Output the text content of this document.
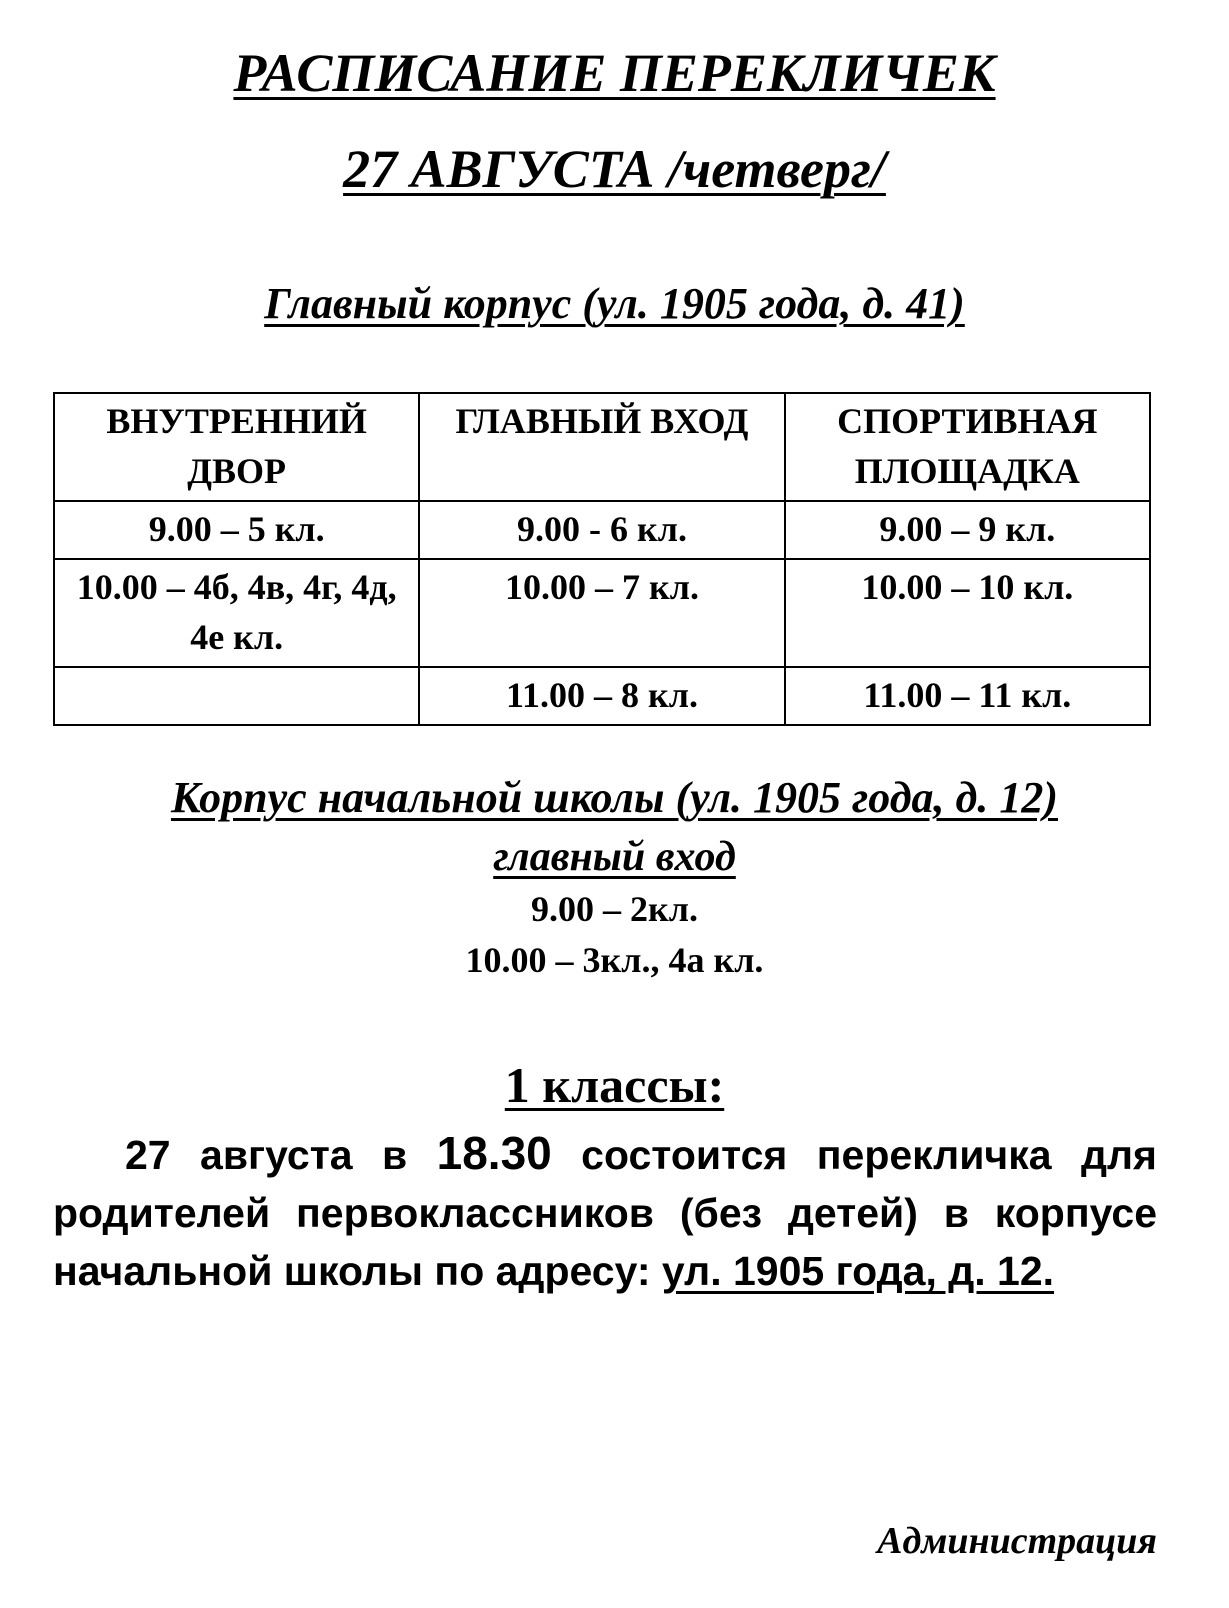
РАСПИСАНИЕ ПЕРЕКЛИЧЕК
27 АВГУСТА /четверг/
Главный корпус (ул. 1905 года, д. 41)
ВНУТРЕННИЙ ДВОР	ГЛАВНЫЙ ВХОД	СПОРТИВНАЯ ПЛОЩАДКА
9.00 – 5 кл.	9.00 - 6 кл.	9.00 – 9 кл.
10.00 – 4б, 4в, 4г, 4д, 4е кл.	10.00 – 7 кл.	10.00 – 10 кл.
	11.00 – 8 кл.	11.00 – 11 кл.
Корпус начальной школы (ул. 1905 года, д. 12)
главный вход
9.00 – 2кл.
10.00 – 3кл., 4а кл.
1 классы:
27 августа в 18.30 состоится перекличка для родителей первоклассников (без детей) в корпусе начальной школы по адресу: ул. 1905 года, д. 12.
Администрация
